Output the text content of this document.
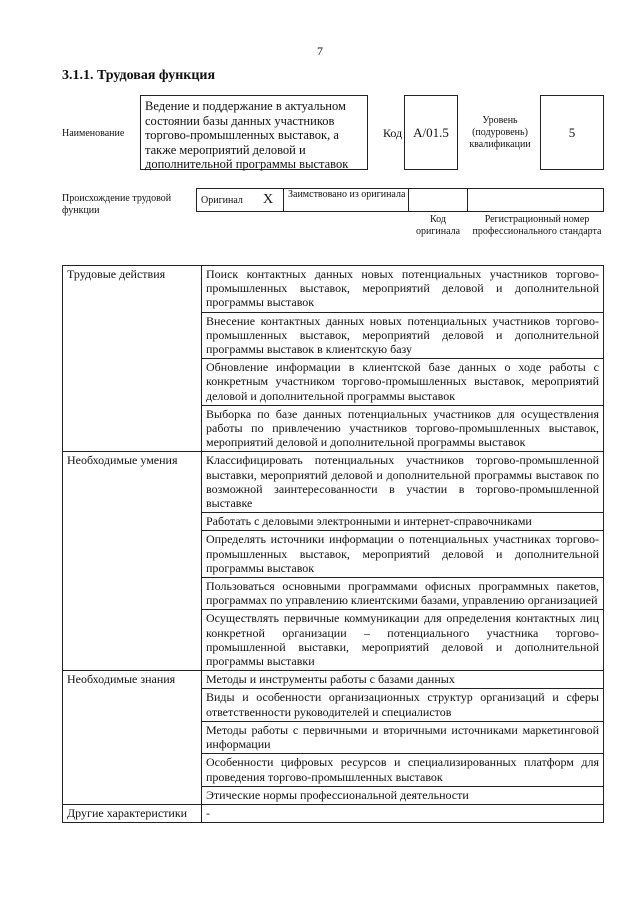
7
3.1.1. Трудовая функция
Наименование
Ведение и поддержание в актуальном состоянии базы данных участников торгово-промышленных выставок, а также мероприятий деловой и дополнительной программы выставок
Код A/01.5
Уровень (подуровень) квалификации
5
Происхождение трудовой функции
Оригинал X Заимствовано из оригинала
Код оригинала
Регистрационный номер профессионального стандарта
Трудовые действия	Поиск контактных данных новых потенциальных участников торгово-промышленных выставок, мероприятий деловой и дополнительной программы выставок
	Внесение контактных данных новых потенциальных участников торгово-промышленных выставок, мероприятий деловой и дополнительной программы выставок в клиентскую базу
	Обновление информации в клиентской базе данных о ходе работы с конкретным участником торгово-промышленных выставок, мероприятий деловой и дополнительной программы выставок
	Выборка по базе данных потенциальных участников для осуществления работы по привлечению участников торгово-промышленных выставок, мероприятий деловой и дополнительной программы выставок
Необходимые умения	Классифицировать потенциальных участников торгово-промышленной выставки, мероприятий деловой и дополнительной программы выставок по возможной заинтересованности в участии в торгово-промышленной выставке
	Работать с деловыми электронными и интернет-справочниками
	Определять источники информации о потенциальных участниках торгово-промышленных выставок, мероприятий деловой и дополнительной программы выставок
	Пользоваться основными программами офисных программных пакетов, программах по управлению клиентскими базами, управлению организацией
	Осуществлять первичные коммуникации для определения контактных лиц конкретной организации – потенциального участника торгово-промышленной выставки, мероприятий деловой и дополнительной программы выставки
Необходимые знания	Методы и инструменты работы с базами данных
	Виды и особенности организационных структур организаций и сферы ответственности руководителей и специалистов
	Методы работы с первичными и вторичными источниками маркетинговой информации
	Особенности цифровых ресурсов и специализированных платформ для проведения торгово-промышленных выставок
	Этические нормы профессиональной деятельности
Другие характеристики	-
